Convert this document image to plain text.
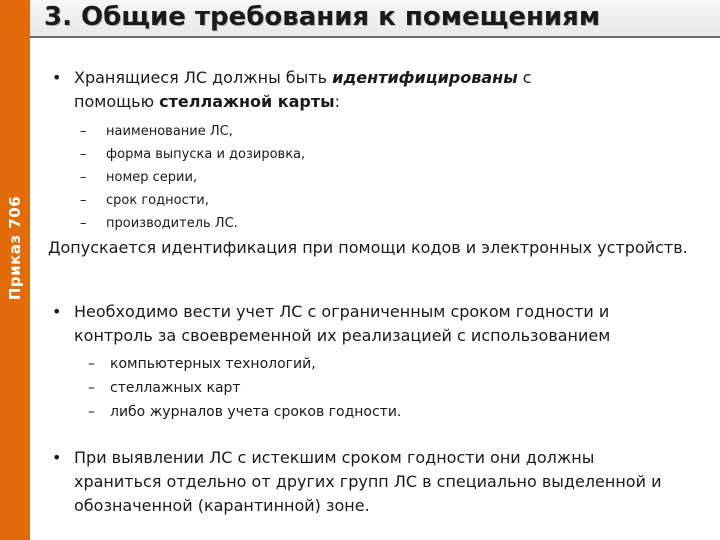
Приказ 706
3. Общие требования к помещениям
• Хранящиеся ЛС должны быть идентифицированы с
помощью стеллажной карты:
– наименование ЛС,
– форма выпуска и дозировка,
– номер серии,
– срок годности,
– производитель ЛС.
Допускается идентификация при помощи кодов и электронных устройств.
• Необходимо вести учет ЛС с ограниченным сроком годности и
контроль за своевременной их реализацией с использованием
– компьютерных технологий,
– стеллажных карт
– либо журналов учета сроков годности.
• При выявлении ЛС с истекшим сроком годности они должны
храниться отдельно от других групп ЛС в специально выделенной и
обозначенной (карантинной) зоне.
